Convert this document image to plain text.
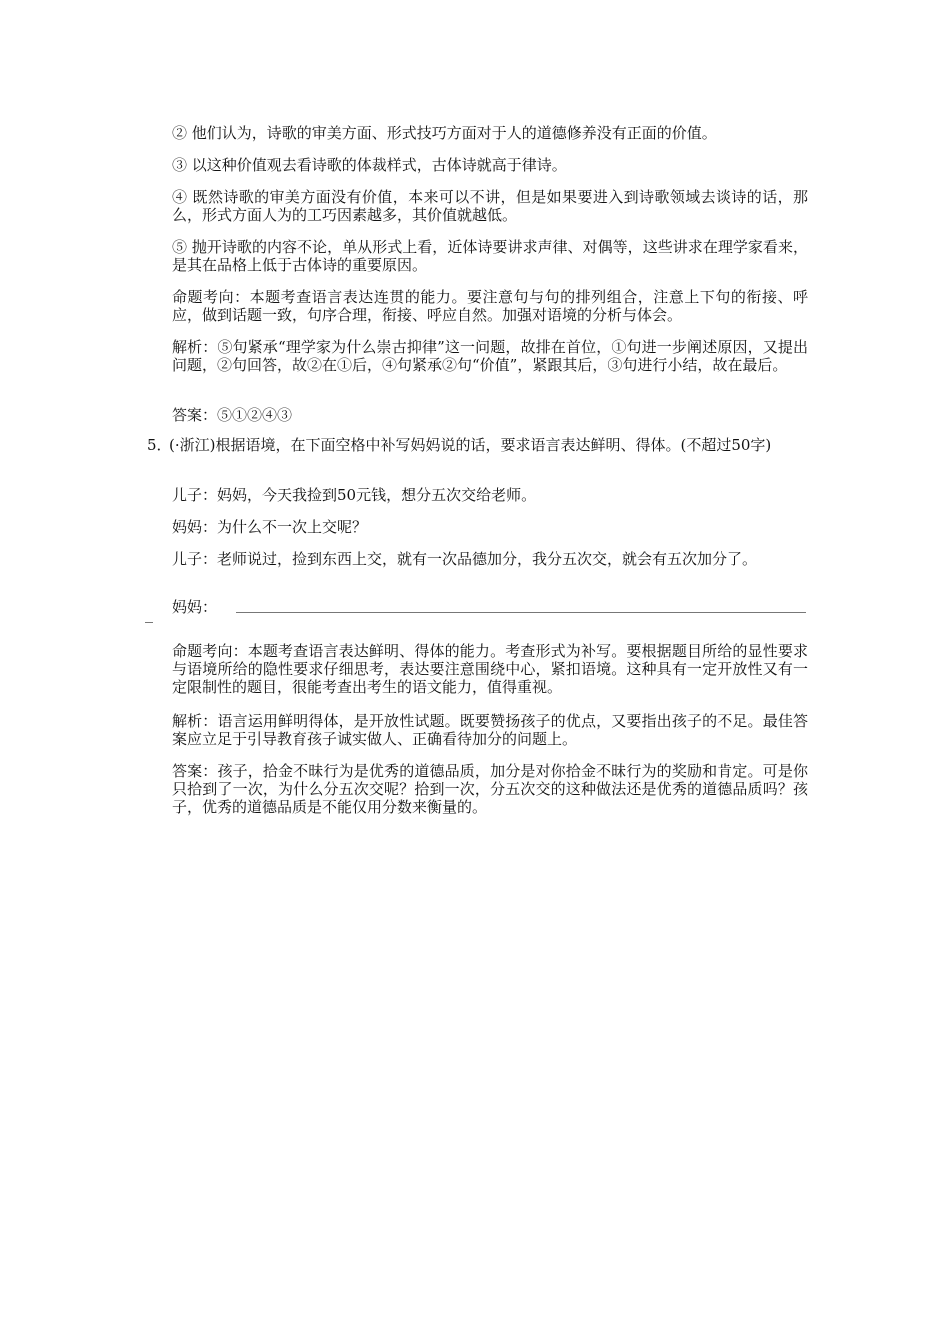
② 他们认为，诗歌的审美方面、形式技巧方面对于人的道德修养没有正面的价值。

③ 以这种价值观去看诗歌的体裁样式，古体诗就高于律诗。

④ 既然诗歌的审美方面没有价值，本来可以不讲，但是如果要进入到诗歌领域去谈诗的话，那么，形式方面人为的工巧因素越多，其价值就越低。

⑤ 抛开诗歌的内容不论，单从形式上看，近体诗要讲求声律、对偶等，这些讲求在理学家看来，是其在品格上低于古体诗的重要原因。

命题考向：本题考查语言表达连贯的能力。要注意句与句的排列组合，注意上下句的衔接、呼应，做到话题一致，句序合理，衔接、呼应自然。加强对语境的分析与体会。

解析：⑤句紧承“理学家为什么崇古抑律”这一问题，故排在首位，①句进一步阐述原因，又提出问题，②句回答，故②在①后，④句紧承②句“价值”，紧跟其后，③句进行小结，故在最后。

答案：⑤①②④③

5．
(·浙江)根据语境，在下面空格中补写妈妈说的话，要求语言表达鲜明、得体。(不超过50字)

儿子：妈妈，今天我捡到50元钱，想分五次交给老师。

妈妈：为什么不一次上交呢？

儿子：老师说过，捡到东西上交，就有一次品德加分，我分五次交，就会有五次加分了。

妈妈：

命题考向：本题考查语言表达鲜明、得体的能力。考查形式为补写。要根据题目所给的显性要求与语境所给的隐性要求仔细思考，表达要注意围绕中心，紧扣语境。这种具有一定开放性又有一定限制性的题目，很能考查出考生的语文能力，值得重视。

解析：语言运用鲜明得体，是开放性试题。既要赞扬孩子的优点，又要指出孩子的不足。最佳答案应立足于引导教育孩子诚实做人、正确看待加分的问题上。

答案：孩子，拾金不昧行为是优秀的道德品质，加分是对你拾金不昧行为的奖励和肯定。可是你只拾到了一次，为什么分五次交呢？拾到一次，分五次交的这种做法还是优秀的道德品质吗？孩子，优秀的道德品质是不能仅用分数来衡量的。
